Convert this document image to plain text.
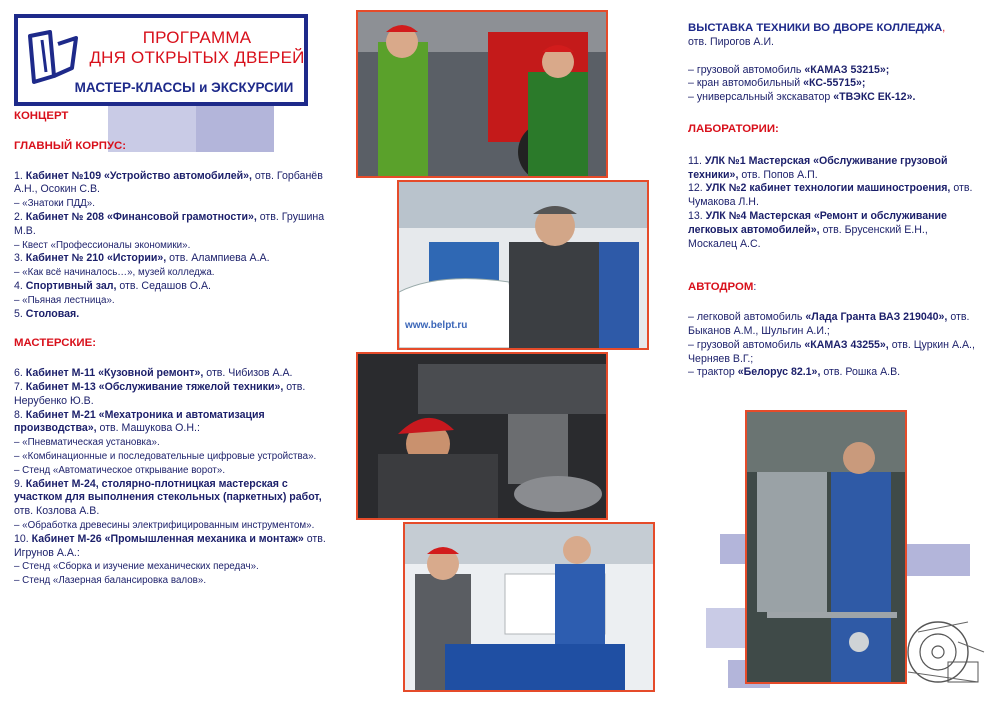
ПРОГРАММА
ДНЯ ОТКРЫТЫХ ДВЕРЕЙ
МАСТЕР-КЛАССЫ и ЭКСКУРСИИ

КОНЦЕРТ

ГЛАВНЫЙ КОРПУС:

1. Кабинет №109 «Устройство автомобилей», отв. Горбанёв А.Н., Осокин С.В.

– «Знатоки ПДД».

2. Кабинет № 208 «Финансовой грамотности», отв. Грушина М.В.

– Квест «Профессионалы экономики».

3. Кабинет № 210 «Истории», отв. Алампиева А.А.

– «Как всё начиналось…», музей колледжа.

4. Спортивный зал, отв. Седашов О.А.

– «Пьяная лестница».

5. Столовая.

МАСТЕРСКИЕ:

6. Кабинет М-11 «Кузовной ремонт», отв. Чибизов А.А.

7. Кабинет М-13 «Обслуживание тяжелой техники», отв. Нерубенко Ю.В.

8. Кабинет М-21 «Мехатроника и автоматизация производства», отв. Машукова О.Н.:

– «Пневматическая установка».

– «Комбинационные и последовательные цифровые устройства».

– Стенд «Автоматическое открывание ворот».

9. Кабинет М-24, столярно-плотницкая мастерская с участком для выполнения стекольных (паркетных) работ, отв. Козлова А.В.

– «Обработка древесины электрифицированным инструментом».

10. Кабинет М-26 «Промышленная механика и монтаж» отв. Игрунов А.А.:

– Стенд «Сборка и изучение механических передач».

– Стенд «Лазерная балансировка валов».

www.belpt.ru

ВЫСТАВКА ТЕХНИКИ ВО ДВОРЕ КОЛЛЕДЖА,

отв. Пирогов А.И.

– грузовой автомобиль «КАМАЗ 53215»;

– кран автомобильный «КС-55715»;

– универсальный экскаватор «ТВЭКС ЕК-12».

ЛАБОРАТОРИИ:

11. УЛК №1 Мастерская «Обслуживание грузовой техники», отв. Попов А.П.

12. УЛК №2 кабинет технологии машиностроения, отв. Чумакова Л.Н.

13. УЛК №4 Мастерская «Ремонт и обслуживание легковых автомобилей», отв. Брусенский Е.Н., Москалец А.С.

АВТОДРОМ:

– легковой автомобиль «Лада Гранта ВАЗ 219040», отв. Быканов А.М., Шульгин А.И.;

– грузовой автомобиль «КАМАЗ 43255», отв. Цуркин А.А., Черняев В.Г.;

– трактор «Белорус 82.1», отв. Рошка А.В.
